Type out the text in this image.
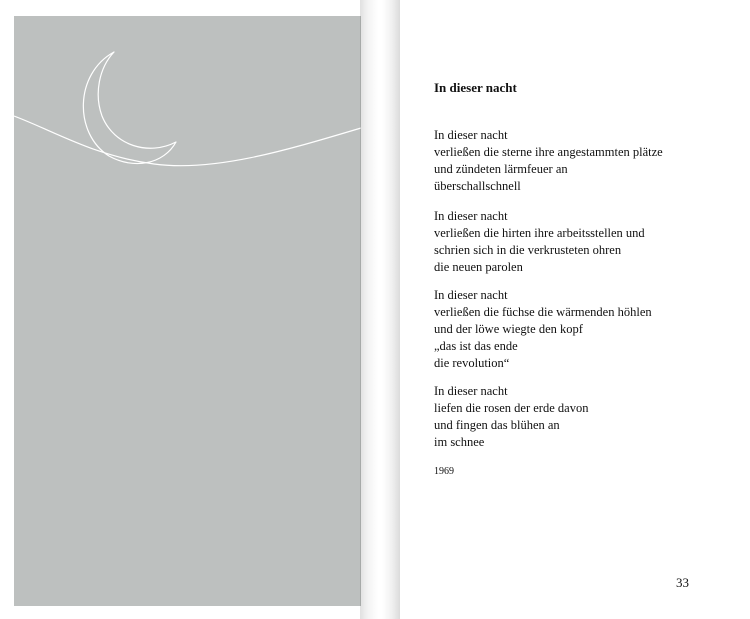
In dieser nacht

In dieser nacht
verließen die sterne ihre angestammten plätze
und zündeten lärmfeuer an
überschallschnell

In dieser nacht
verließen die hirten ihre arbeitsstellen und
schrien sich in die verkrusteten ohren
die neuen parolen

In dieser nacht
verließen die füchse die wärmenden höhlen
und der löwe wiegte den kopf
„das ist das ende
die revolution“

In dieser nacht
liefen die rosen der erde davon
und fingen das blühen an
im schnee

1969
33
